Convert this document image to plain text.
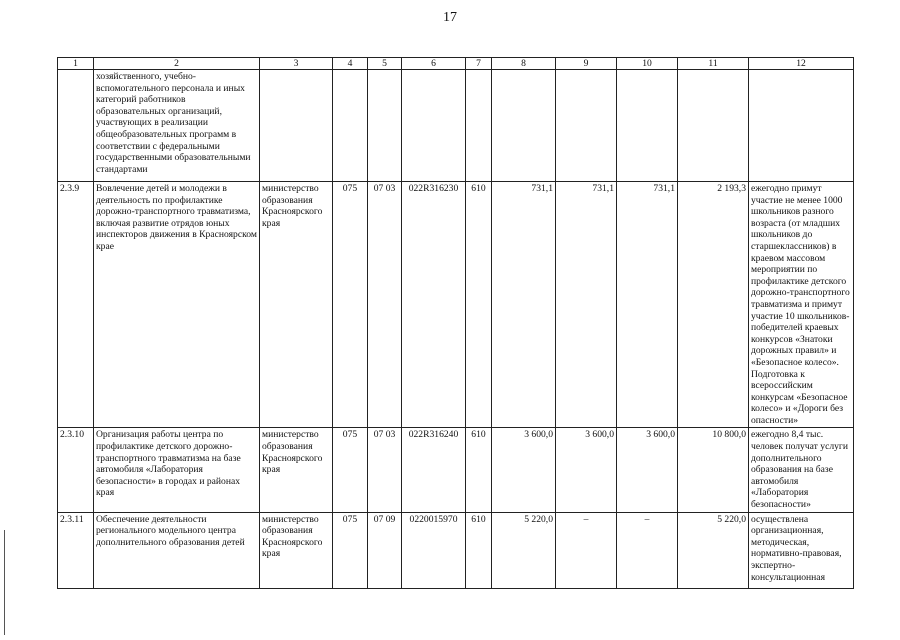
17
1	2	3	4	5	6	7	8	9	10	11	12
	хозяйственного, учебно-вспомогательного персонала и иных категорий работников образовательных организаций, участвующих в реализации общеобразовательных программ в соответствии с федеральными государственными образовательными стандартами										
2.3.9	Вовлечение детей и молодежи в деятельность по профилактике дорожно-транспортного травматизма, включая развитие отрядов юных инспекторов движения в Красноярском крае	министерство образования Красноярского края	075	07 03	022R316230	610	731,1	731,1	731,1	2 193,3	ежегодно примут участие не менее 1000 школьников разного возраста (от младших школьников до старшеклассников) в краевом массовом мероприятии по профилактике детского дорожно-транспортного травматизма и примут участие 10 школьников-победителей краевых конкурсов «Знатоки дорожных правил» и «Безопасное колесо». Подготовка к всероссийским конкурсам «Безопасное колесо» и «Дороги без опасности»
2.3.10	Организация работы центра по профилактике детского дорожно-транспортного травматизма на базе автомобиля «Лаборатория безопасности» в городах и районах края	министерство образования Красноярского края	075	07 03	022R316240	610	3 600,0	3 600,0	3 600,0	10 800,0	ежегодно 8,4 тыс. человек получат услуги дополнительного образования на базе автомобиля «Лаборатория безопасности»
2.3.11	Обеспечение деятельности регионального модельного центра дополнительного образования детей	министерство образования Красноярского края	075	07 09	0220015970	610	5 220,0	–	–	5 220,0	осуществлена организационная, методическая, нормативно-правовая, экспертно-консультационная
